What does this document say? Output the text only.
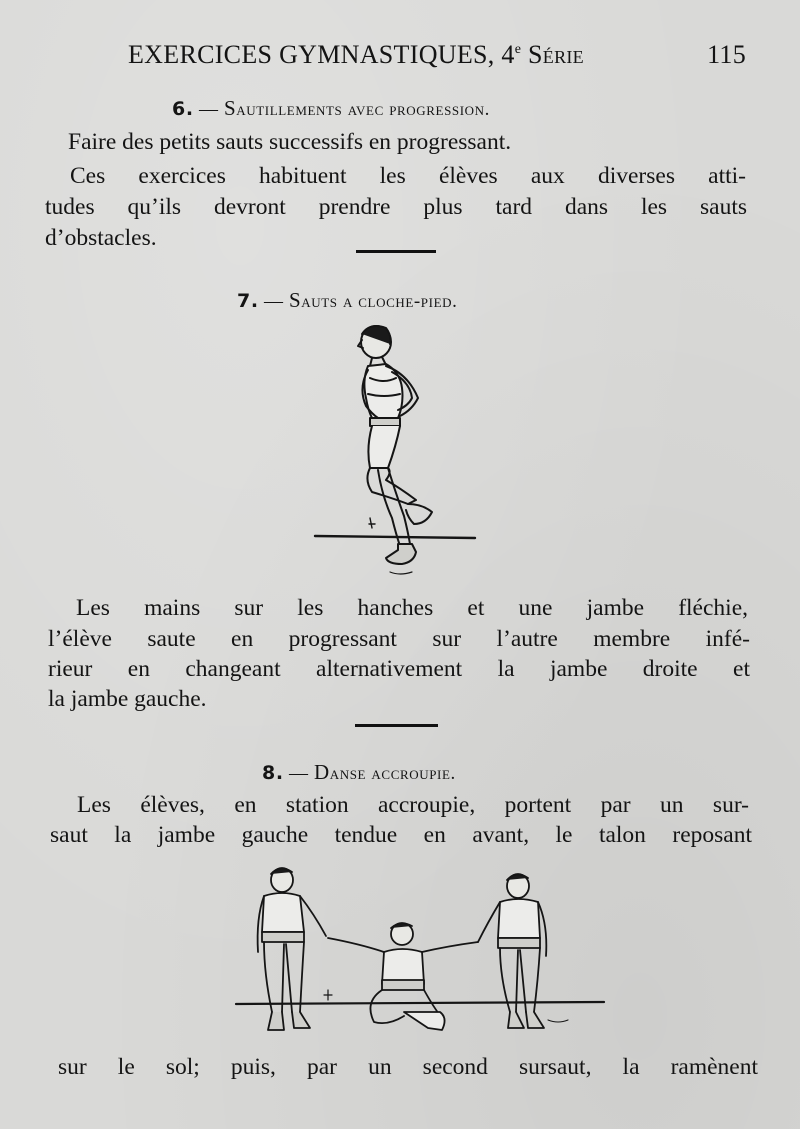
EXERCICES GYMNASTIQUES, 4e Série	115
6. — Sautillements avec progression.
Faire des petits sauts successifs en progressant.
Ces exercices habituent les élèves aux diverses atti-
tudes qu’ils devront prendre plus tard dans les sauts
d’obstacles.
7. — Sauts a cloche-pied.
Les mains sur les hanches et une jambe fléchie,
l’élève saute en progressant sur l’autre membre infé-
rieur en changeant alternativement la jambe droite et
la jambe gauche.
8. — Danse accroupie.
Les élèves, en station accroupie, portent par un sur-
saut la jambe gauche tendue en avant, le talon reposant
sur le sol; puis, par un second sursaut, la ramènent
